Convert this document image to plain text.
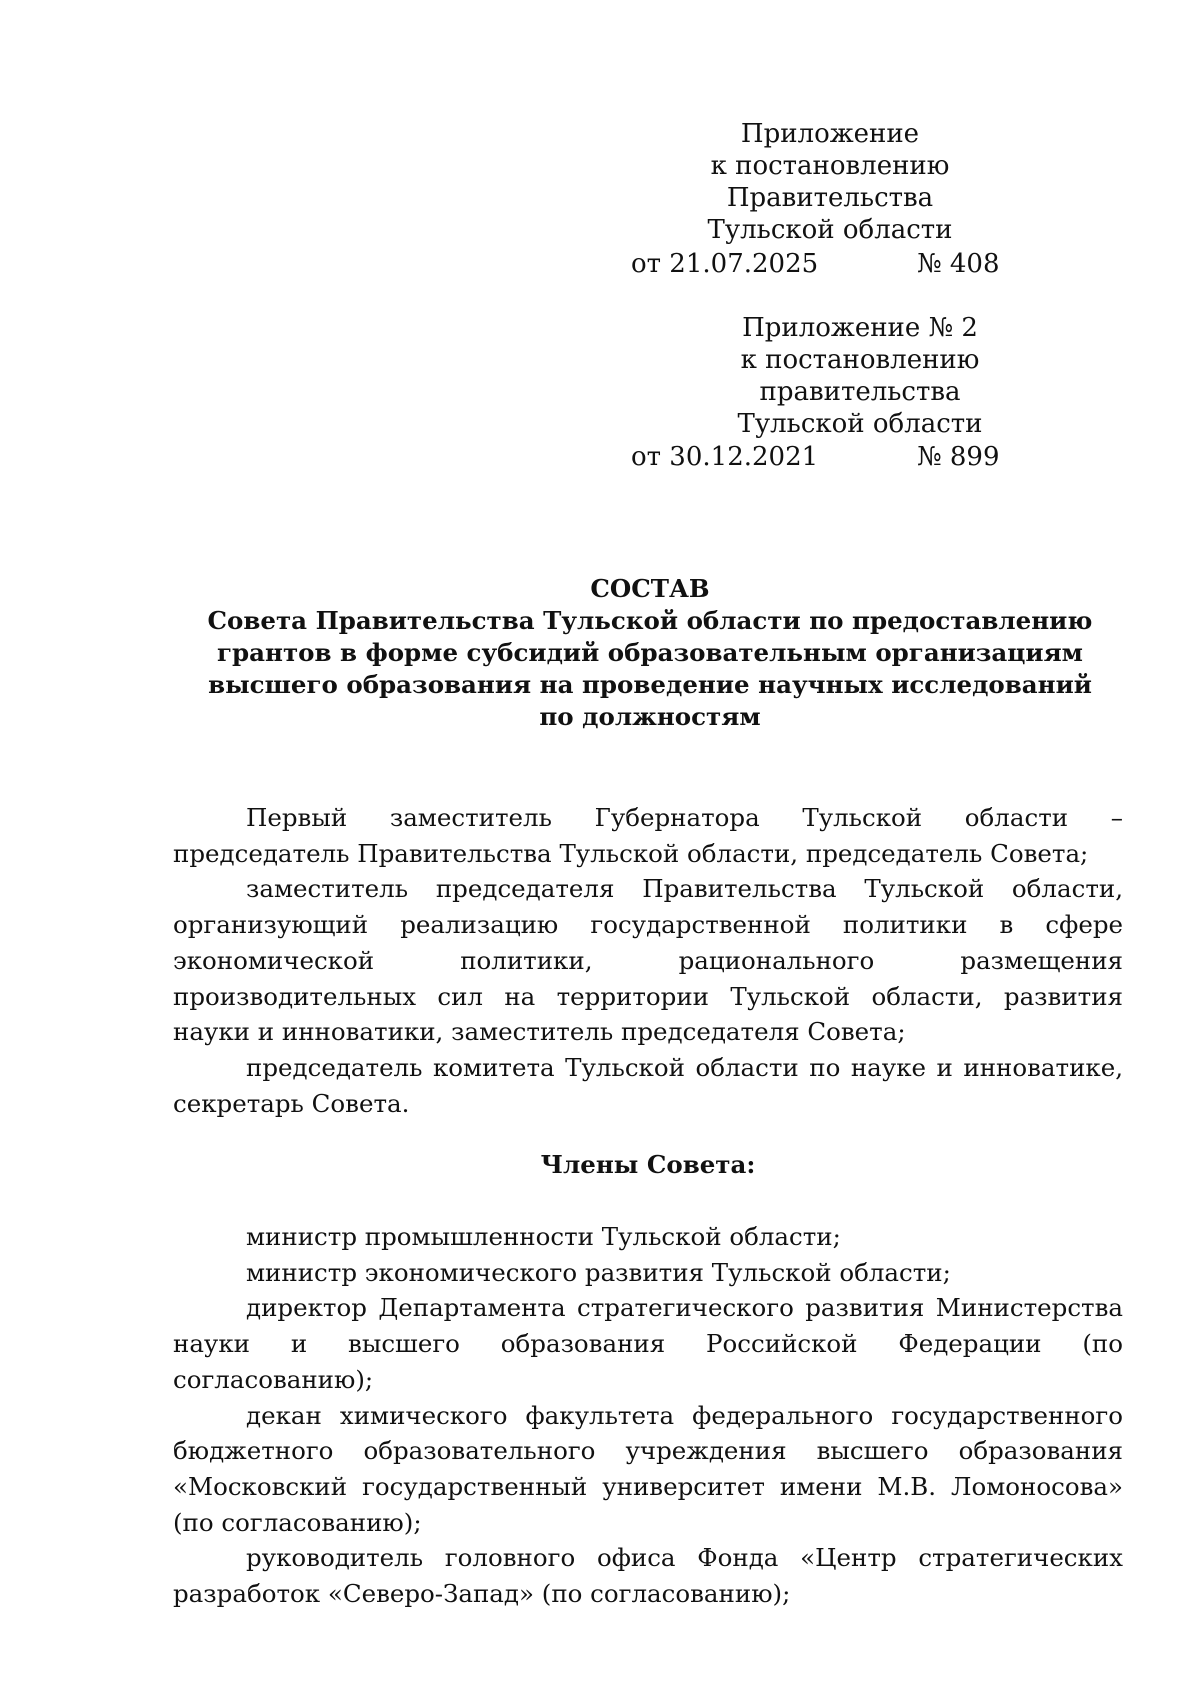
Приложение
к постановлению Правительства
Тульской области
от 21.07.2025	№ 408
Приложение № 2
к постановлению правительства
Тульской области
от 30.12.2021	№ 899
СОСТАВ
Совета Правительства Тульской области по предоставлению
грантов в форме субсидий образовательным организациям
высшего образования на проведение научных исследований
по должностям

Первый заместитель Губернатора Тульской области – председатель Правительства Тульской области, председатель Совета;

заместитель председателя Правительства Тульской области, организующий реализацию государственной политики в сфере экономической политики, рационального размещения производительных сил на территории Тульской области, развития науки и инноватики, заместитель председателя Совета;

председатель комитета Тульской области по науке и инноватике, секретарь Совета.

Члены Совета:

министр промышленности Тульской области;

министр экономического развития Тульской области;

директор Департамента стратегического развития Министерства науки и высшего образования Российской Федерации (по согласованию);

декан химического факультета федерального государственного бюджетного образовательного учреждения высшего образования «Московский государственный университет имени М.В. Ломоносова» (по согласованию);

руководитель головного офиса Фонда «Центр стратегических разработок «Северо-Запад» (по согласованию);
